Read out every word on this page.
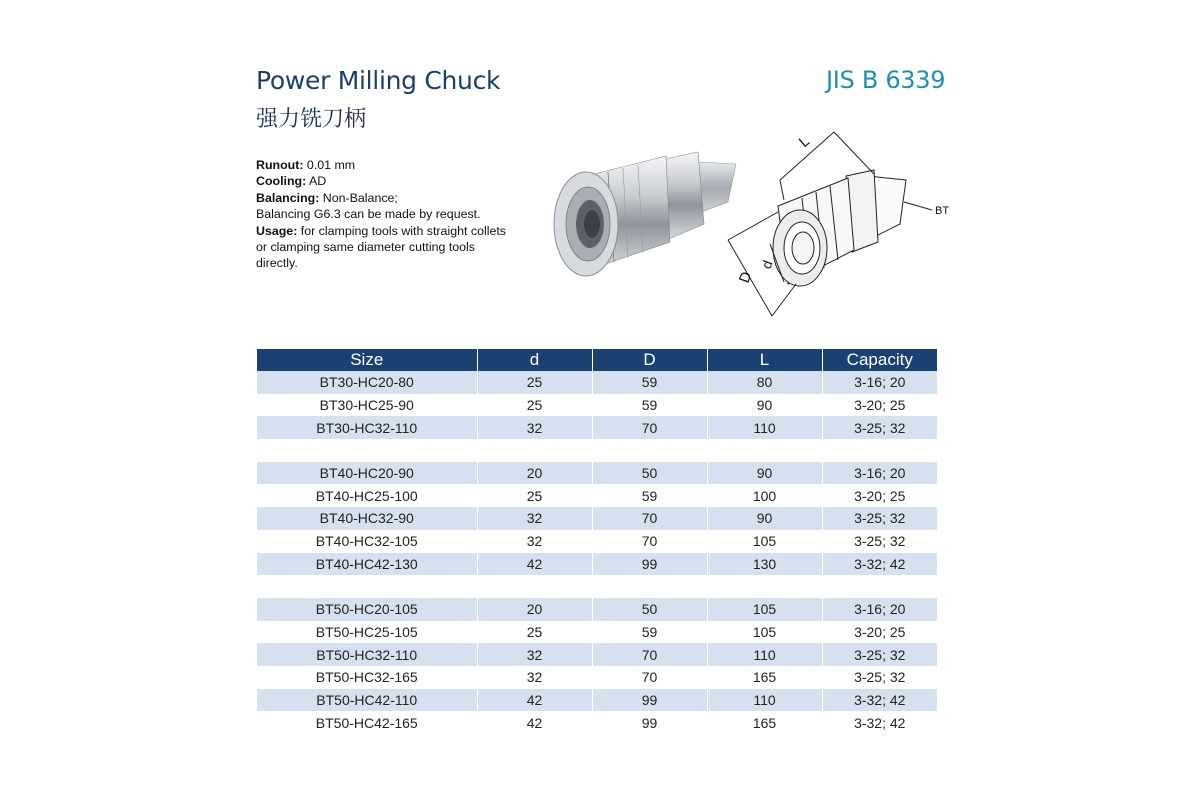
Power Milling Chuck
强力铣刀柄
JIS B 6339

Runout: 0.01 mm

Cooling: AD

Balancing: Non-Balance;

Balancing G6.3 can be made by request.

Usage: for clamping tools with straight collets or clamping same diameter cutting tools directly.

L
D
d
BT
Size	d	D	L	Capacity
BT30-HC20-80	25	59	80	3-16; 20
BT30-HC25-90	25	59	90	3-20; 25
BT30-HC32-110	32	70	110	3-25; 32

BT40-HC20-90	20	50	90	3-16; 20
BT40-HC25-100	25	59	100	3-20; 25
BT40-HC32-90	32	70	90	3-25; 32
BT40-HC32-105	32	70	105	3-25; 32
BT40-HC42-130	42	99	130	3-32; 42

BT50-HC20-105	20	50	105	3-16; 20
BT50-HC25-105	25	59	105	3-20; 25
BT50-HC32-110	32	70	110	3-25; 32
BT50-HC32-165	32	70	165	3-25; 32
BT50-HC42-110	42	99	110	3-32; 42
BT50-HC42-165	42	99	165	3-32; 42
